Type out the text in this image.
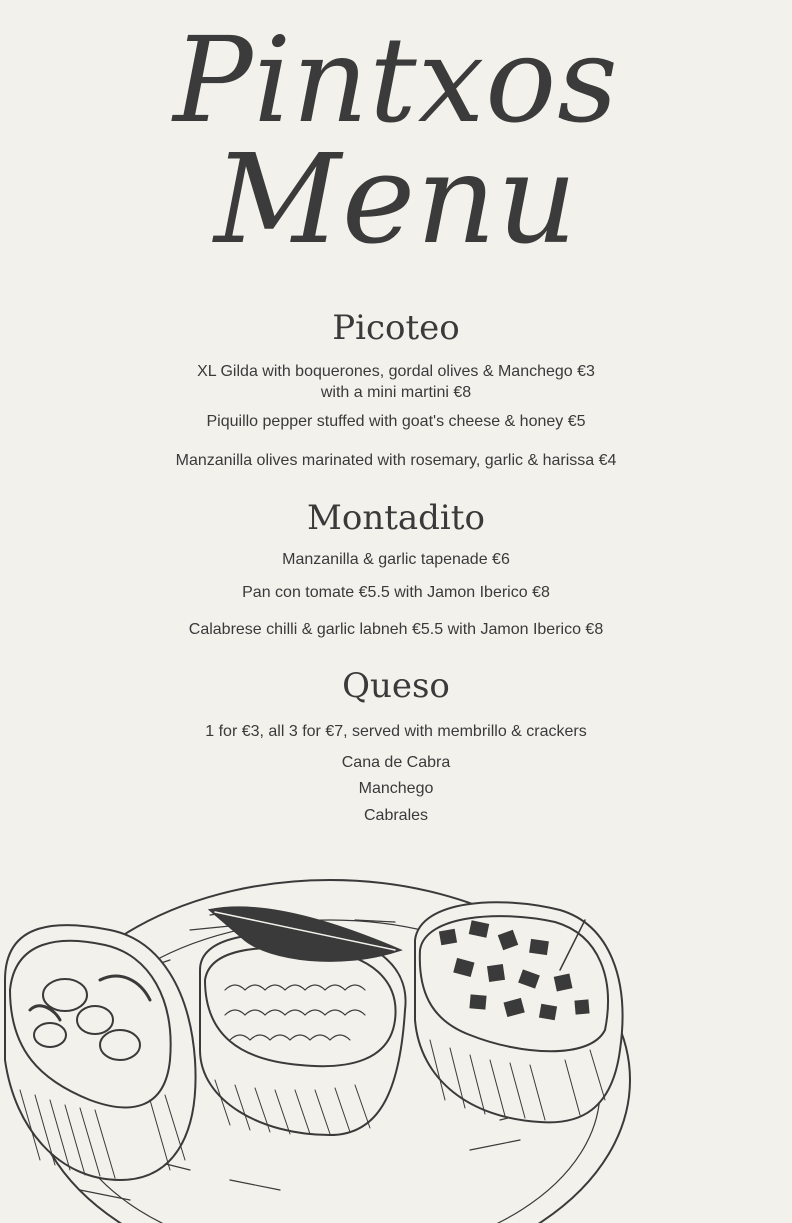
Pintxos
Menu
Picoteo
XL Gilda with boquerones, gordal olives & Manchego €3
with a mini martini €8
Piquillo pepper stuffed with goat's cheese & honey €5
Manzanilla olives marinated with rosemary, garlic & harissa €4
Montadito
Manzanilla & garlic tapenade €6
Pan con tomate €5.5 with Jamon Iberico €8
Calabrese chilli & garlic labneh €5.5 with Jamon Iberico €8
Queso
1 for €3, all 3 for €7, served with membrillo & crackers
Cana de Cabra
Manchego
Cabrales
